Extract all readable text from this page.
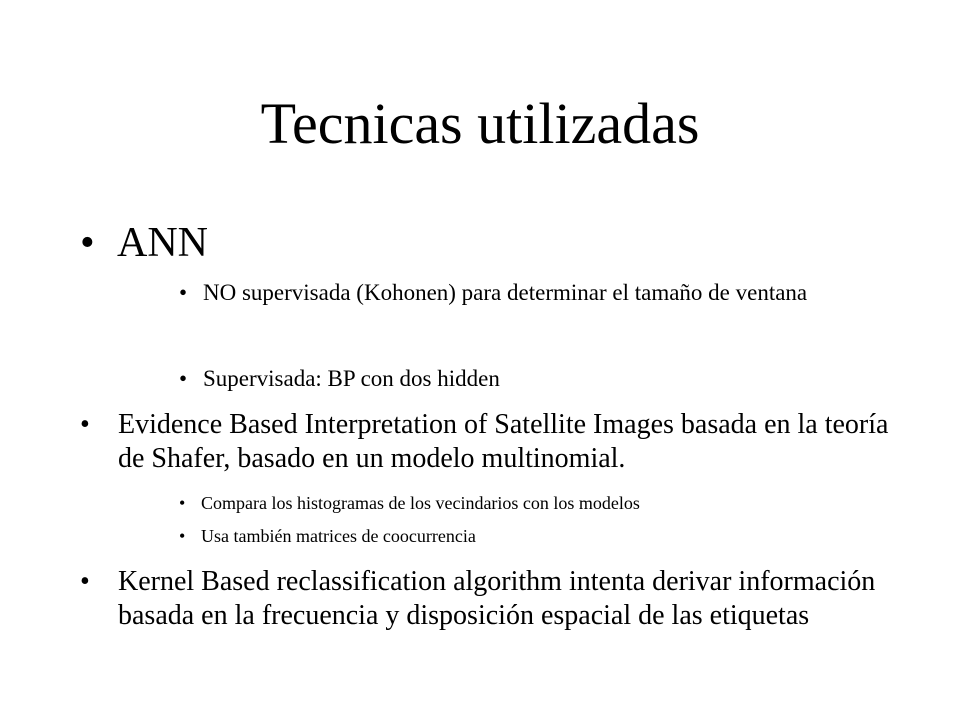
Tecnicas utilizadas
• ANN
• NO supervisada (Kohonen) para determinar el tamaño de ventana
• Supervisada: BP con dos hidden
•	Evidence Based Interpretation of Satellite Images basada en la teoría de Shafer, basado en un modelo multinomial.
• Compara los histogramas de los vecindarios con los modelos
• Usa también matrices de coocurrencia
•	Kernel Based reclassification algorithm intenta derivar información basada en la frecuencia y disposición espacial de las etiquetas
